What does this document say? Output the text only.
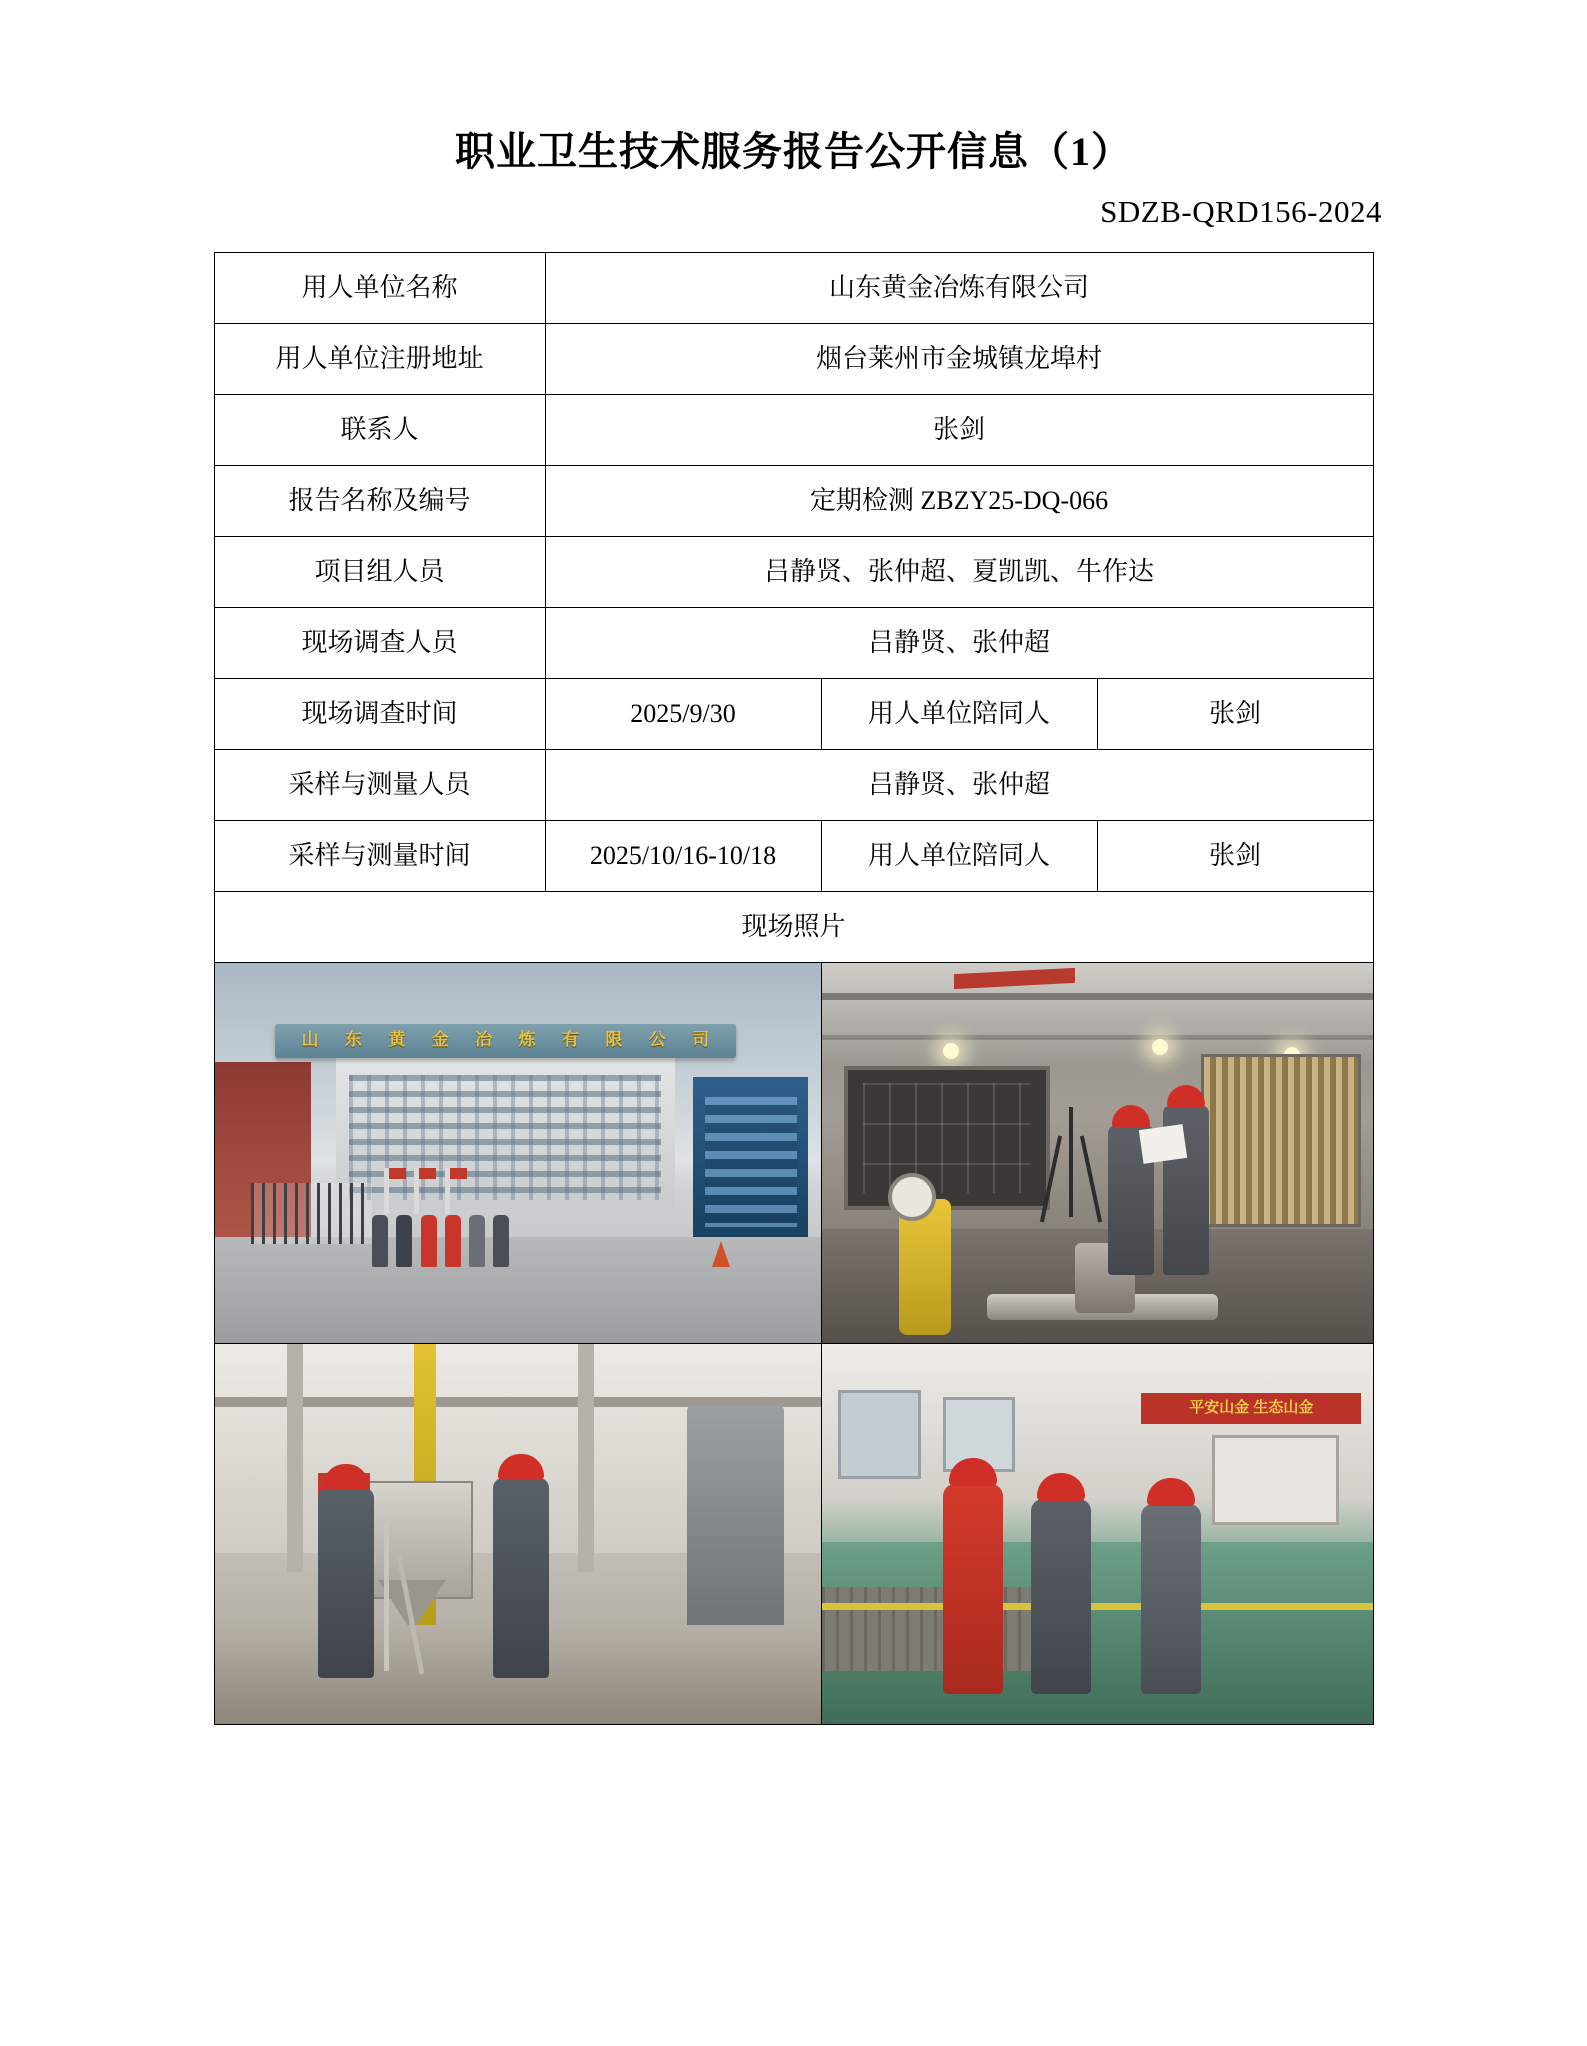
职业卫生技术服务报告公开信息（1）
SDZB-QRD156-2024
用人单位名称	山东黄金冶炼有限公司		
用人单位注册地址	烟台莱州市金城镇龙埠村		
联系人	张剑		
报告名称及编号	定期检测 ZBZY25-DQ-066		
项目组人员	吕静贤、张仲超、夏凯凯、牛作达		
现场调查人员	吕静贤、张仲超		
现场调查时间	2025/9/30	用人单位陪同人	张剑
采样与测量人员	吕静贤、张仲超		
采样与测量时间	2025/10/16-10/18	用人单位陪同人	张剑
现场照片			

山 东 黄 金 冶 炼 有 限 公 司

		平安山金 生态山金	
